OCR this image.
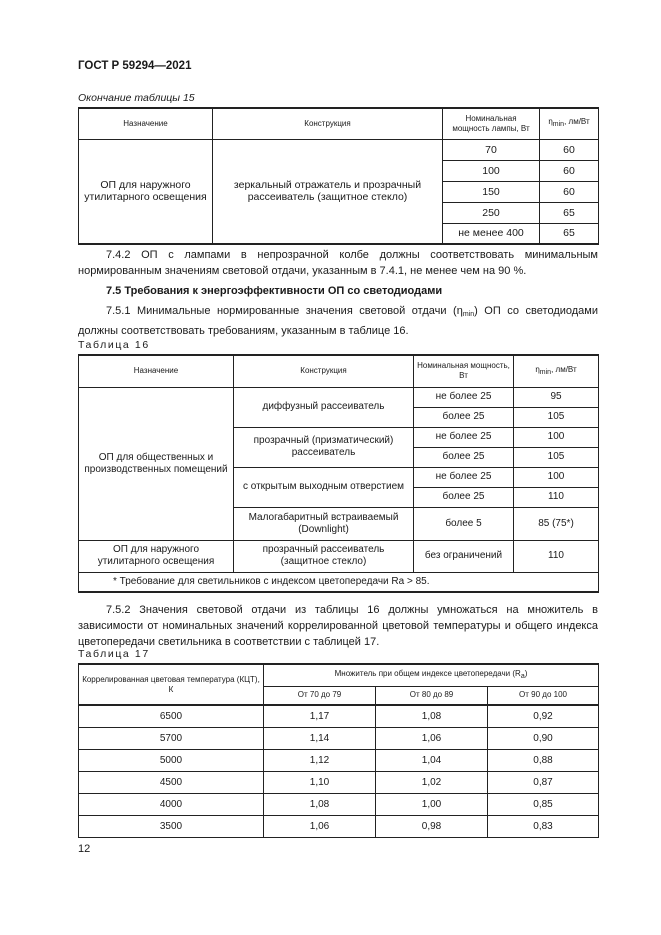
ГОСТ Р 59294—2021
Окончание таблицы 15
Назначение	Конструкция	Номинальная мощность лампы, Вт	$\eta_{min}$, лм/Вт
ОП для наружного утилитарного освещения	зеркальный отражатель и прозрачный рассеиватель (защитное стекло)	70	60
		100	60
		150	60
		250	65
		не менее 400	65
7.4.2 ОП с лампами в непрозрачной колбе должны соответствовать минимальным нормированным значениям световой отдачи, указанным в 7.4.1, не менее чем на 90 %.
7.5 Требования к энергоэффективности ОП со светодиодами
7.5.1 Минимальные нормированные значения световой отдачи $(\eta_{min})$ ОП со светодиодами должны соответствовать требованиям, указанным в таблице 16.
Таблица 16
Назначение	Конструкция	Номинальная мощность, Вт	$\eta_{min}$, лм/Вт
ОП для общественных и производственных помещений	диффузный рассеиватель	не более 25	95
		более 25	105
	прозрачный (призматический) рассеиватель	не более 25	100
		более 25	105
	с открытым выходным отверстием	не более 25	100
		более 25	110
	Малогабаритный встраиваемый (Downlight)	более 5	85 (75*)
ОП для наружного утилитарного освещения	прозрачный рассеиватель (защитное стекло)	без ограничений	110
* Требование для светильников с индексом цветопередачи Ra > 85.			
7.5.2 Значения световой отдачи из таблицы 16 должны умножаться на множитель в зависимости от номинальных значений коррелированной цветовой температуры и общего индекса цветопередачи светильника в соответствии с таблицей 17.
Таблица 17
Коррелированная цветовая температура (КЦТ), К	Множитель при общем индексе цветопередачи $(R_a)$		
	От 70 до 79	От 80 до 89	От 90 до 100
6500	1,17	1,08	0,92
5700	1,14	1,06	0,90
5000	1,12	1,04	0,88
4500	1,10	1,02	0,87
4000	1,08	1,00	0,85
3500	1,06	0,98	0,83
12
